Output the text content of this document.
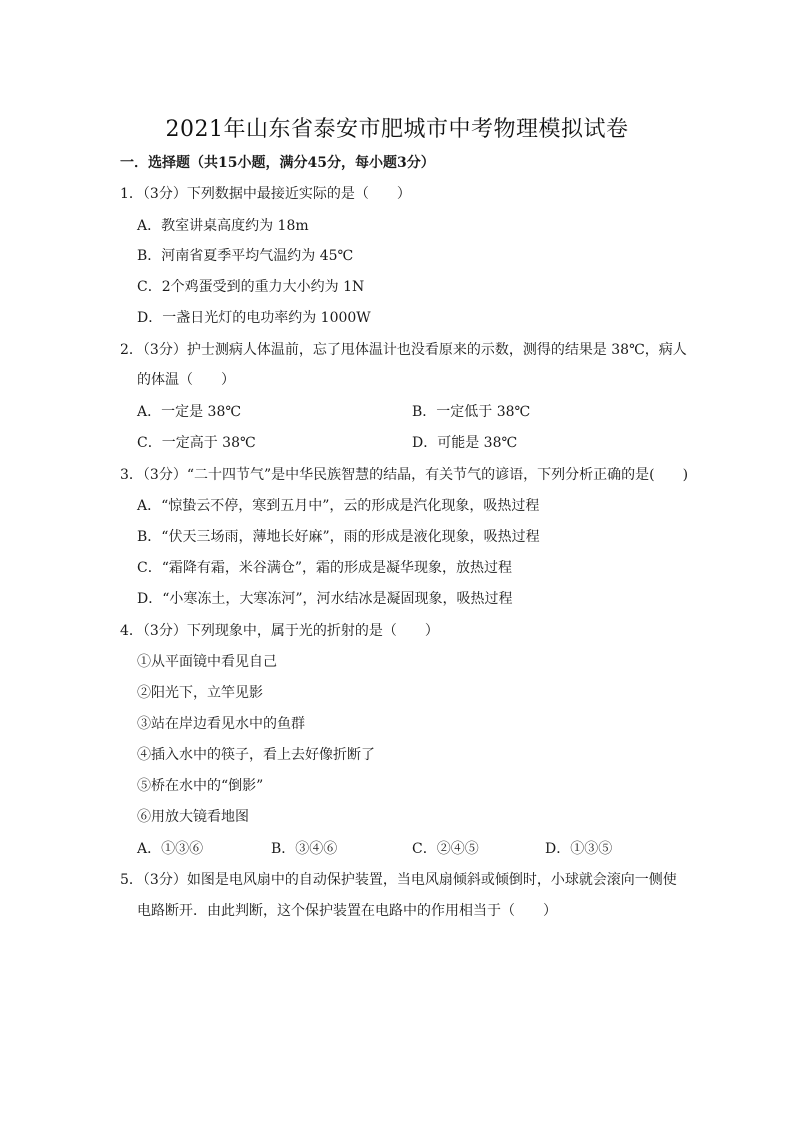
2021年山东省泰安市肥城市中考物理模拟试卷
一．选择题（共15小题，满分45分，每小题3分）
1．（3分）下列数据中最接近实际的是（　　）
A．教室讲桌高度约为 18m
B．河南省夏季平均气温约为 45℃
C．2个鸡蛋受到的重力大小约为 1N
D．一盏日光灯的电功率约为 1000W
2．（3分）护士测病人体温前，忘了甩体温计也没看原来的示数，测得的结果是 38℃，病人
的体温（　　）
A．一定是 38℃	B．一定低于 38℃
C．一定高于 38℃	D．可能是 38℃
3．（3分）“二十四节气”是中华民族智慧的结晶，有关节气的谚语，下列分析正确的是(　　)
A．“惊蛰云不停，寒到五月中”，云的形成是汽化现象，吸热过程
B．“伏天三场雨，薄地长好麻”，雨的形成是液化现象，吸热过程
C．“霜降有霜，米谷满仓”，霜的形成是凝华现象，放热过程
D．“小寒冻土，大寒冻河”，河水结冰是凝固现象，吸热过程
4．（3分）下列现象中，属于光的折射的是（　　）
①从平面镜中看见自己
②阳光下，立竿见影
③站在岸边看见水中的鱼群
④插入水中的筷子，看上去好像折断了
⑤桥在水中的“倒影”
⑥用放大镜看地图
A．①③⑥	B．③④⑥	C．②④⑤	D．①③⑤
5．（3分）如图是电风扇中的自动保护装置，当电风扇倾斜或倾倒时，小球就会滚向一侧使
电路断开．由此判断，这个保护装置在电路中的作用相当于（　　）
